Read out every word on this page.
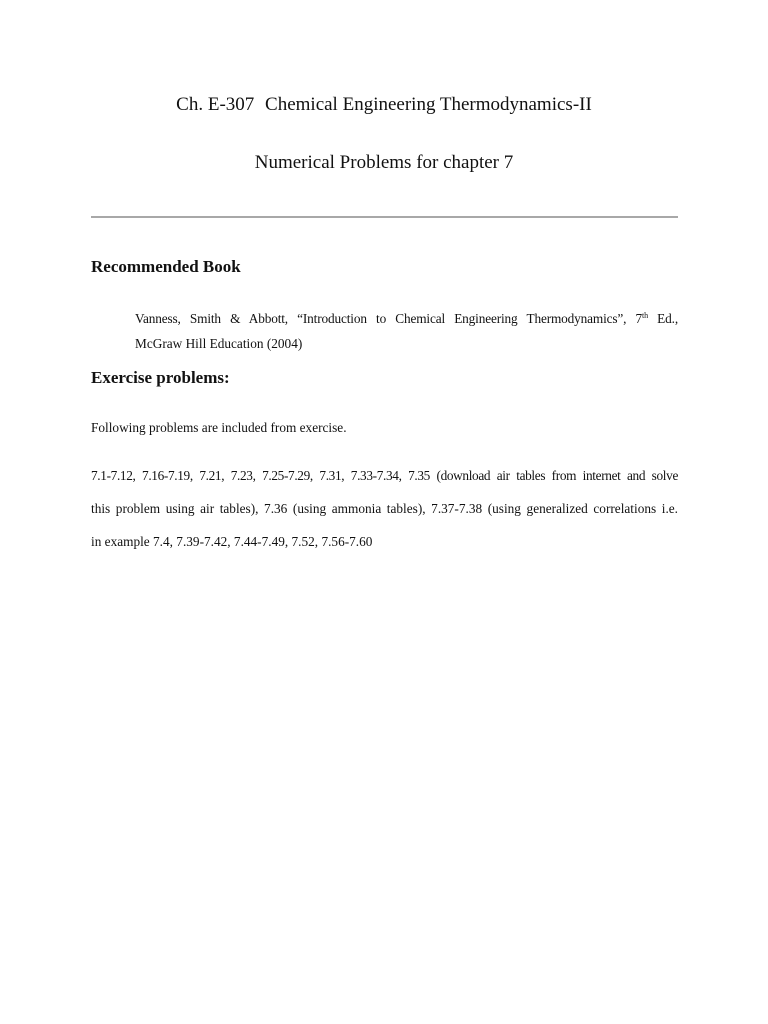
Ch. E-307 Chemical Engineering Thermodynamics-II
Numerical Problems for chapter 7
Recommended Book
Vanness, Smith & Abbott, “Introduction to Chemical Engineering Thermodynamics”, 7th Ed.,
McGraw Hill Education (2004)
Exercise problems:
Following problems are included from exercise.
7.1-7.12, 7.16-7.19, 7.21, 7.23, 7.25-7.29, 7.31, 7.33-7.34, 7.35 (download air tables from internet and solve
this problem using air tables), 7.36 (using ammonia tables), 7.37-7.38 (using generalized correlations i.e.
in example 7.4, 7.39-7.42, 7.44-7.49, 7.52, 7.56-7.60
